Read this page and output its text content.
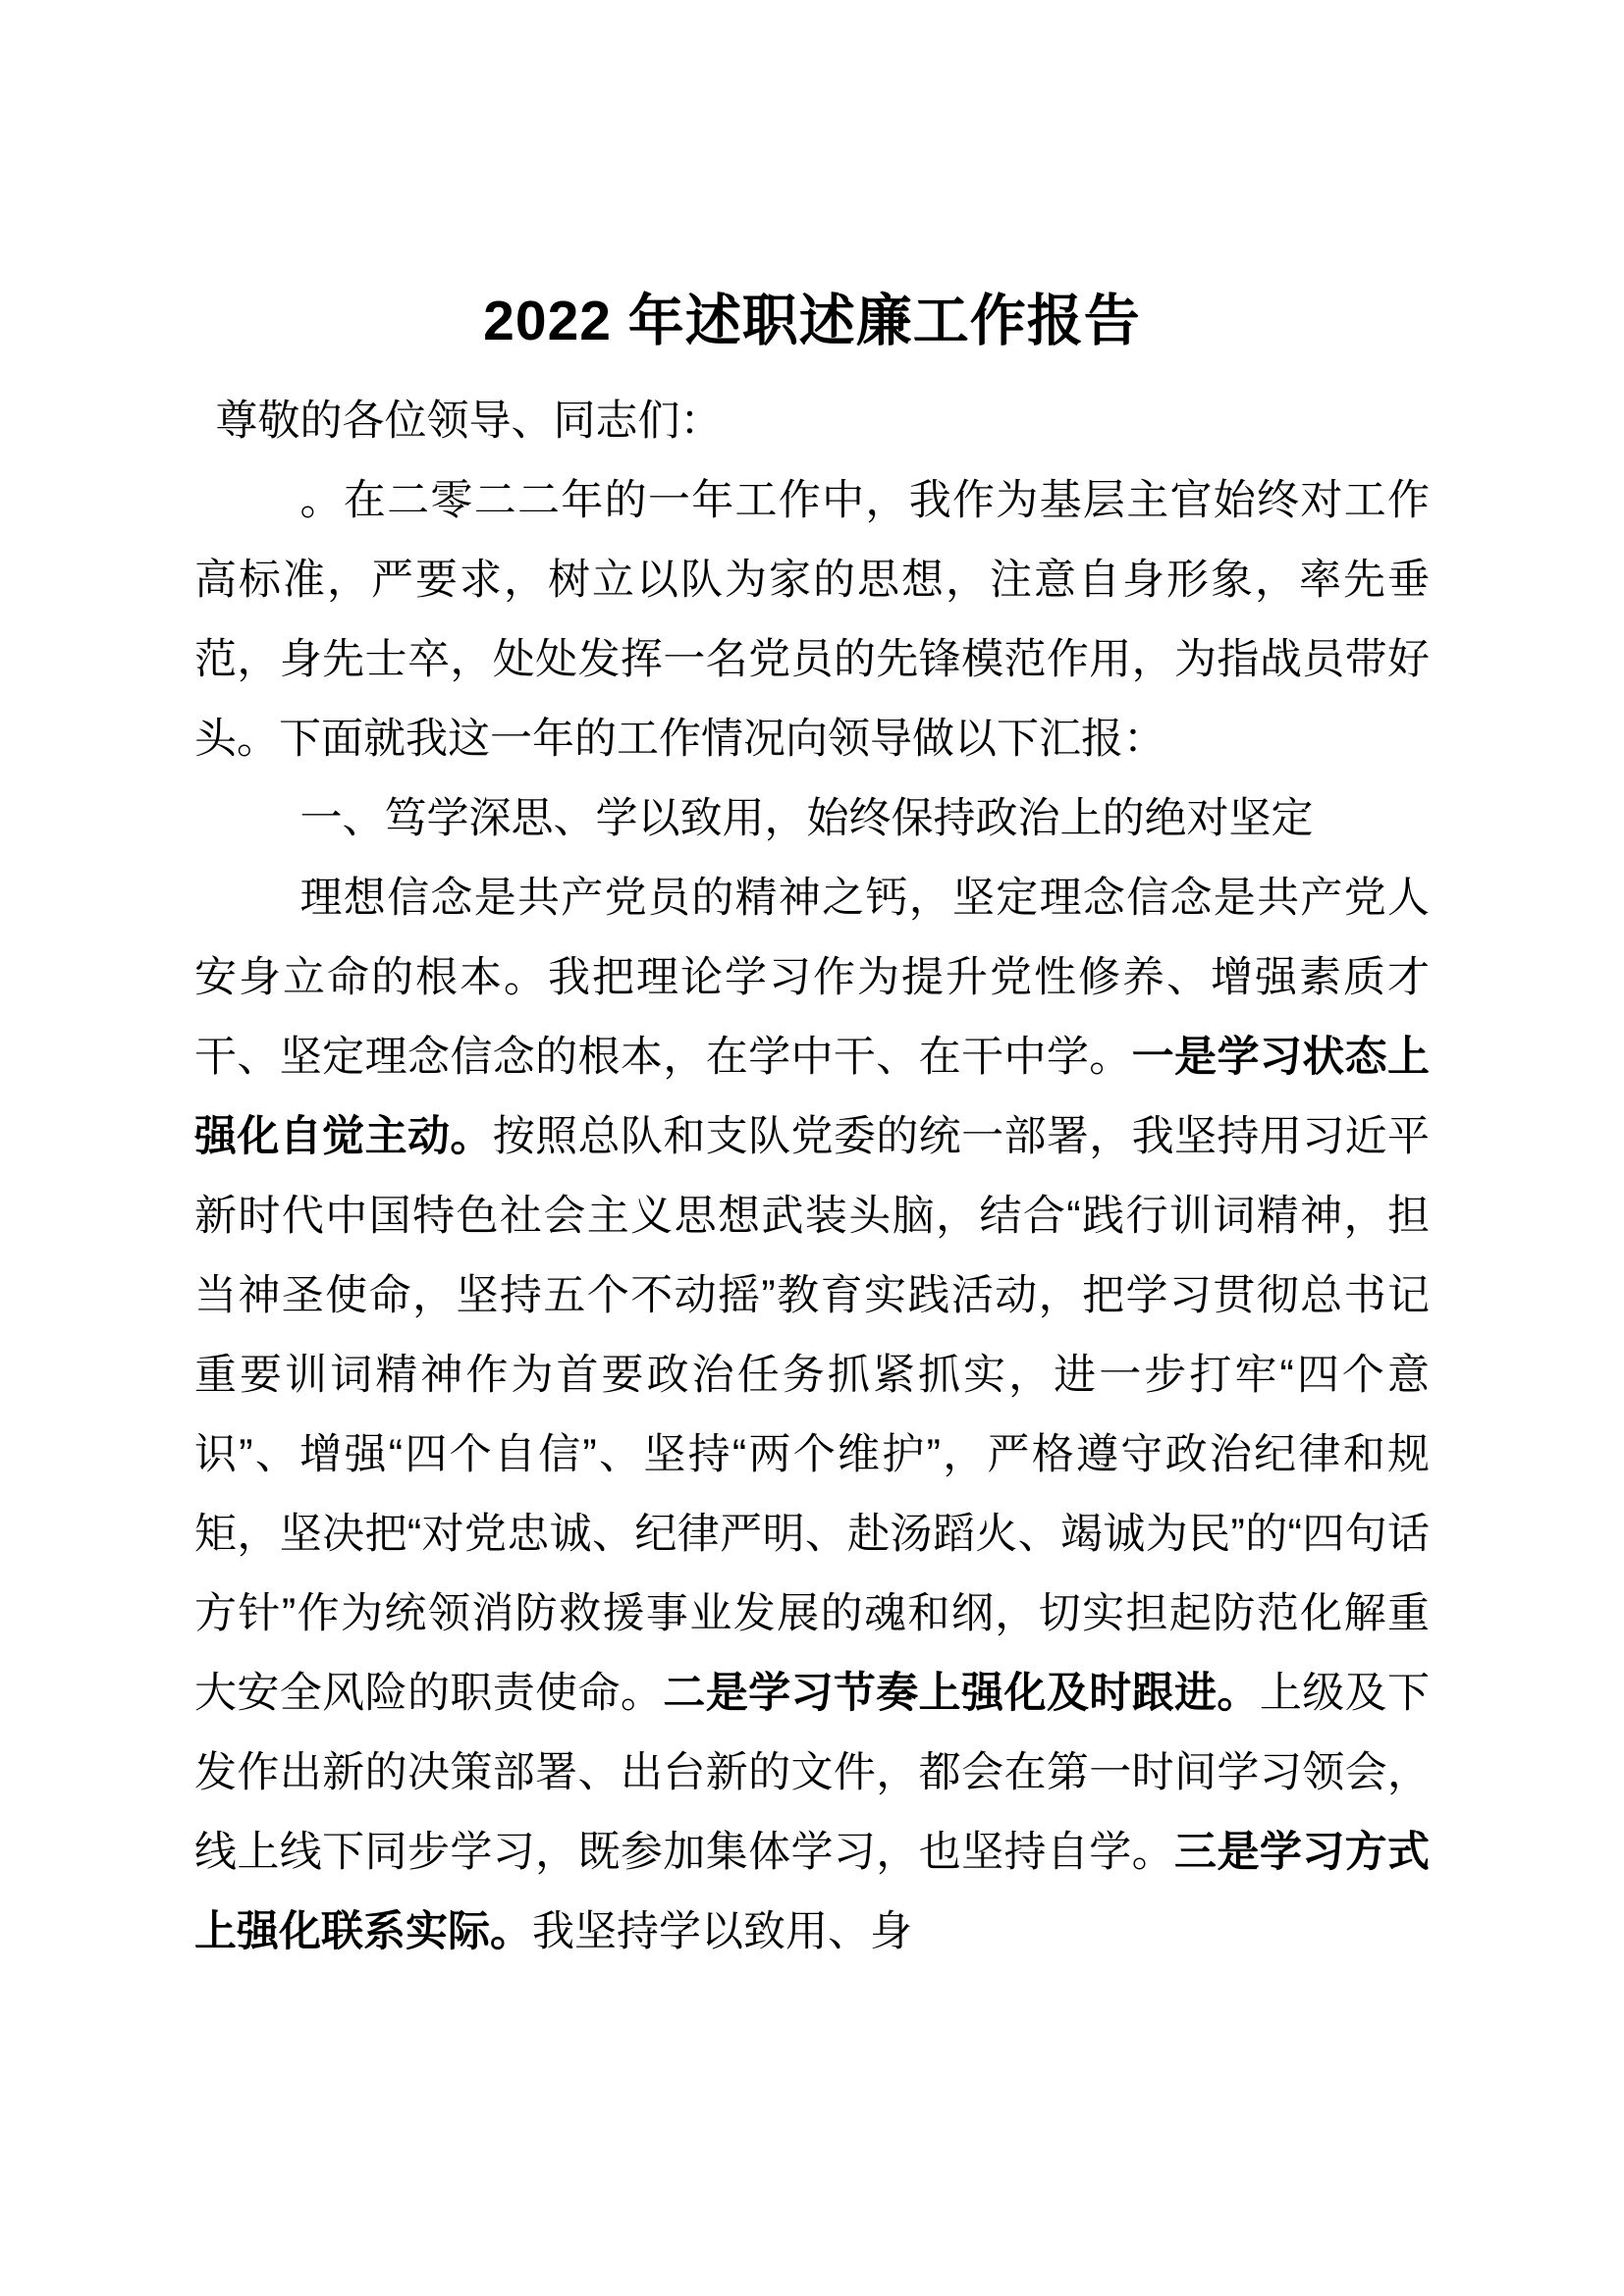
2022 年述职述廉工作报告

尊敬的各位领导、同志们：

。在二零二二年的一年工作中，我作为基层主官始终对工作高标准，严要求，树立以队为家的思想，注意自身形象，率先垂范，身先士卒，处处发挥一名党员的先锋模范作用，为指战员带好头。下面就我这一年的工作情况向领导做以下汇报：

一、笃学深思、学以致用，始终保持政治上的绝对坚定

理想信念是共产党员的精神之钙，坚定理念信念是共产党人安身立命的根本。我把理论学习作为提升党性修养、增强素质才干、坚定理念信念的根本，在学中干、在干中学。一是学习状态上强化自觉主动。按照总队和支队党委的统一部署，我坚持用习近平新时代中国特色社会主义思想武装头脑，结合“践行训词精神，担当神圣使命，坚持五个不动摇”教育实践活动，把学习贯彻总书记重要训词精神作为首要政治任务抓紧抓实，进一步打牢“四个意识”、增强“四个自信”、坚持“两个维护”，严格遵守政治纪律和规矩，坚决把“对党忠诚、纪律严明、赴汤蹈火、竭诚为民”的“四句话方针”作为统领消防救援事业发展的魂和纲，切实担起防范化解重大安全风险的职责使命。二是学习节奏上强化及时跟进。上级及下发作出新的决策部署、出台新的文件，都会在第一时间学习领会，线上线下同步学习，既参加集体学习，也坚持自学。三是学习方式上强化联系实际。我坚持学以致用、身
